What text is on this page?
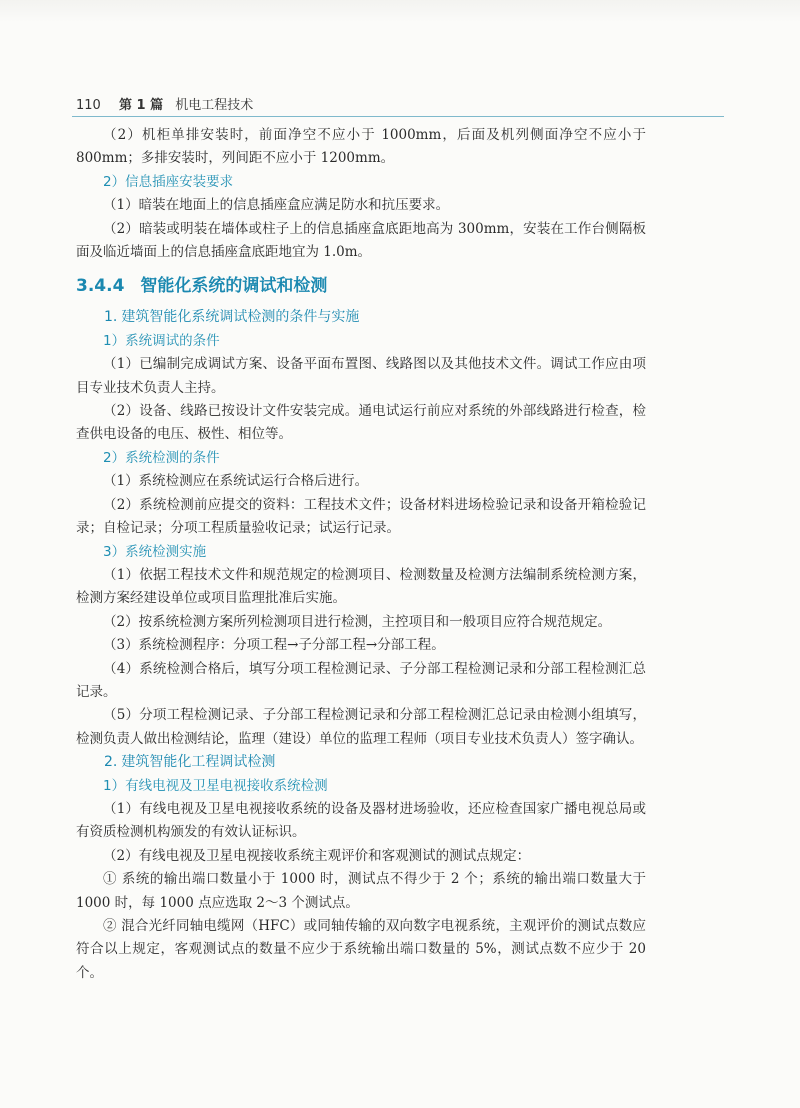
110 第 1 篇 机电工程技术

（2）机柜单排安装时，前面净空不应小于 1000mm，后面及机列侧面净空不应小于 800mm；多排安装时，列间距不应小于 1200mm。

2）信息插座安装要求

（1）暗装在地面上的信息插座盒应满足防水和抗压要求。

（2）暗装或明装在墙体或柱子上的信息插座盒底距地高为 300mm，安装在工作台侧隔板面及临近墙面上的信息插座盒底距地宜为 1.0m。

3.4.4 智能化系统的调试和检测

1. 建筑智能化系统调试检测的条件与实施

1）系统调试的条件

（1）已编制完成调试方案、设备平面布置图、线路图以及其他技术文件。调试工作应由项目专业技术负责人主持。

（2）设备、线路已按设计文件安装完成。通电试运行前应对系统的外部线路进行检查，检查供电设备的电压、极性、相位等。

2）系统检测的条件

（1）系统检测应在系统试运行合格后进行。

（2）系统检测前应提交的资料：工程技术文件；设备材料进场检验记录和设备开箱检验记录；自检记录；分项工程质量验收记录；试运行记录。

3）系统检测实施

（1）依据工程技术文件和规范规定的检测项目、检测数量及检测方法编制系统检测方案，检测方案经建设单位或项目监理批准后实施。

（2）按系统检测方案所列检测项目进行检测，主控项目和一般项目应符合规范规定。

（3）系统检测程序：分项工程→子分部工程→分部工程。

（4）系统检测合格后，填写分项工程检测记录、子分部工程检测记录和分部工程检测汇总记录。

（5）分项工程检测记录、子分部工程检测记录和分部工程检测汇总记录由检测小组填写，检测负责人做出检测结论，监理（建设）单位的监理工程师（项目专业技术负责人）签字确认。

2. 建筑智能化工程调试检测

1）有线电视及卫星电视接收系统检测

（1）有线电视及卫星电视接收系统的设备及器材进场验收，还应检查国家广播电视总局或有资质检测机构颁发的有效认证标识。

（2）有线电视及卫星电视接收系统主观评价和客观测试的测试点规定：

① 系统的输出端口数量小于 1000 时，测试点不得少于 2 个；系统的输出端口数量大于 1000 时，每 1000 点应选取 2～3 个测试点。

② 混合光纤同轴电缆网（HFC）或同轴传输的双向数字电视系统，主观评价的测试点数应符合以上规定，客观测试点的数量不应少于系统输出端口数量的 5%，测试点数不应少于 20 个。
